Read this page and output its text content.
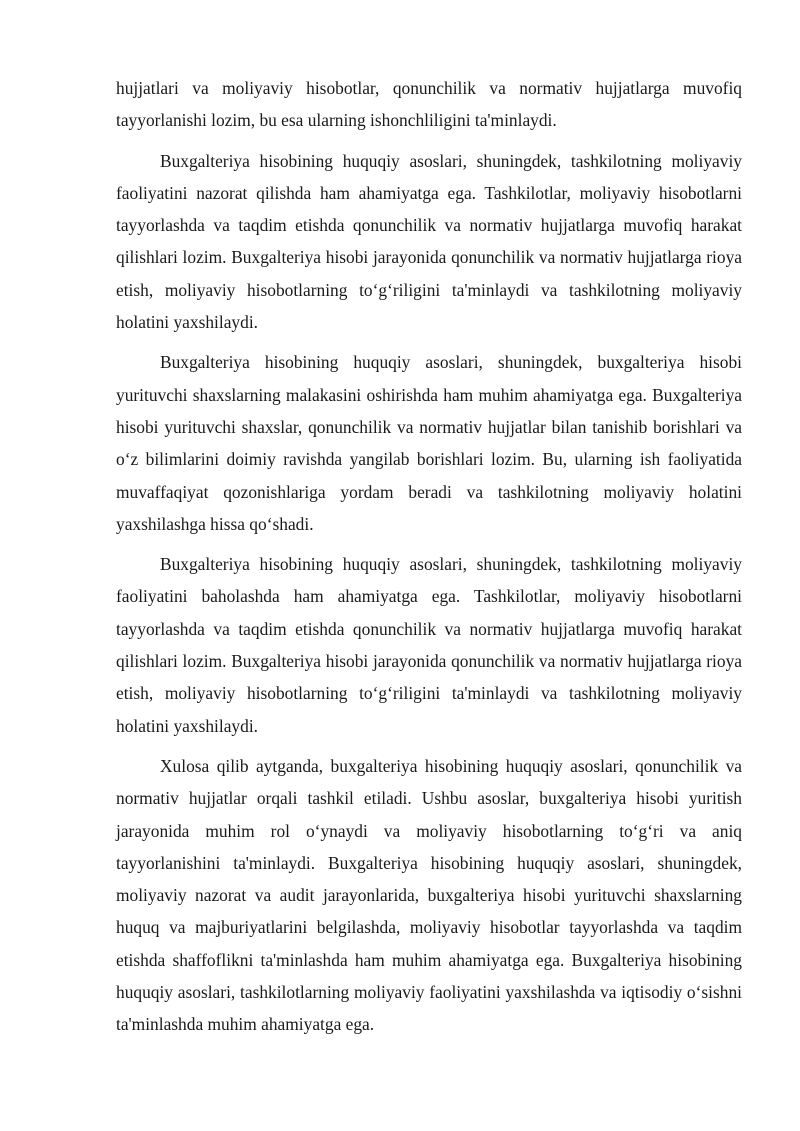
hujjatlari va moliyaviy hisobotlar, qonunchilik va normativ hujjatlarga muvofiq tayyorlanishi lozim, bu esa ularning ishonchliligini ta'minlaydi.

Buxgalteriya hisobining huquqiy asoslari, shuningdek, tashkilotning moliyaviy faoliyatini nazorat qilishda ham ahamiyatga ega. Tashkilotlar, moliyaviy hisobotlarni tayyorlashda va taqdim etishda qonunchilik va normativ hujjatlarga muvofiq harakat qilishlari lozim. Buxgalteriya hisobi jarayonida qonunchilik va normativ hujjatlarga rioya etish, moliyaviy hisobotlarning to‘g‘riligini ta'minlaydi va tashkilotning moliyaviy holatini yaxshilaydi.

Buxgalteriya hisobining huquqiy asoslari, shuningdek, buxgalteriya hisobi yurituvchi shaxslarning malakasini oshirishda ham muhim ahamiyatga ega. Buxgalteriya hisobi yurituvchi shaxslar, qonunchilik va normativ hujjatlar bilan tanishib borishlari va o‘z bilimlarini doimiy ravishda yangilab borishlari lozim. Bu, ularning ish faoliyatida muvaffaqiyat qozonishlariga yordam beradi va tashkilotning moliyaviy holatini yaxshilashga hissa qo‘shadi.

Buxgalteriya hisobining huquqiy asoslari, shuningdek, tashkilotning moliyaviy faoliyatini baholashda ham ahamiyatga ega. Tashkilotlar, moliyaviy hisobotlarni tayyorlashda va taqdim etishda qonunchilik va normativ hujjatlarga muvofiq harakat qilishlari lozim. Buxgalteriya hisobi jarayonida qonunchilik va normativ hujjatlarga rioya etish, moliyaviy hisobotlarning to‘g‘riligini ta'minlaydi va tashkilotning moliyaviy holatini yaxshilaydi.

Xulosa qilib aytganda, buxgalteriya hisobining huquqiy asoslari, qonunchilik va normativ hujjatlar orqali tashkil etiladi. Ushbu asoslar, buxgalteriya hisobi yuritish jarayonida muhim rol o‘ynaydi va moliyaviy hisobotlarning to‘g‘ri va aniq tayyorlanishini ta'minlaydi. Buxgalteriya hisobining huquqiy asoslari, shuningdek, moliyaviy nazorat va audit jarayonlarida, buxgalteriya hisobi yurituvchi shaxslarning huquq va majburiyatlarini belgilashda, moliyaviy hisobotlar tayyorlashda va taqdim etishda shaffoflikni ta'minlashda ham muhim ahamiyatga ega. Buxgalteriya hisobining huquqiy asoslari, tashkilotlarning moliyaviy faoliyatini yaxshilashda va iqtisodiy o‘sishni ta'minlashda muhim ahamiyatga ega.
